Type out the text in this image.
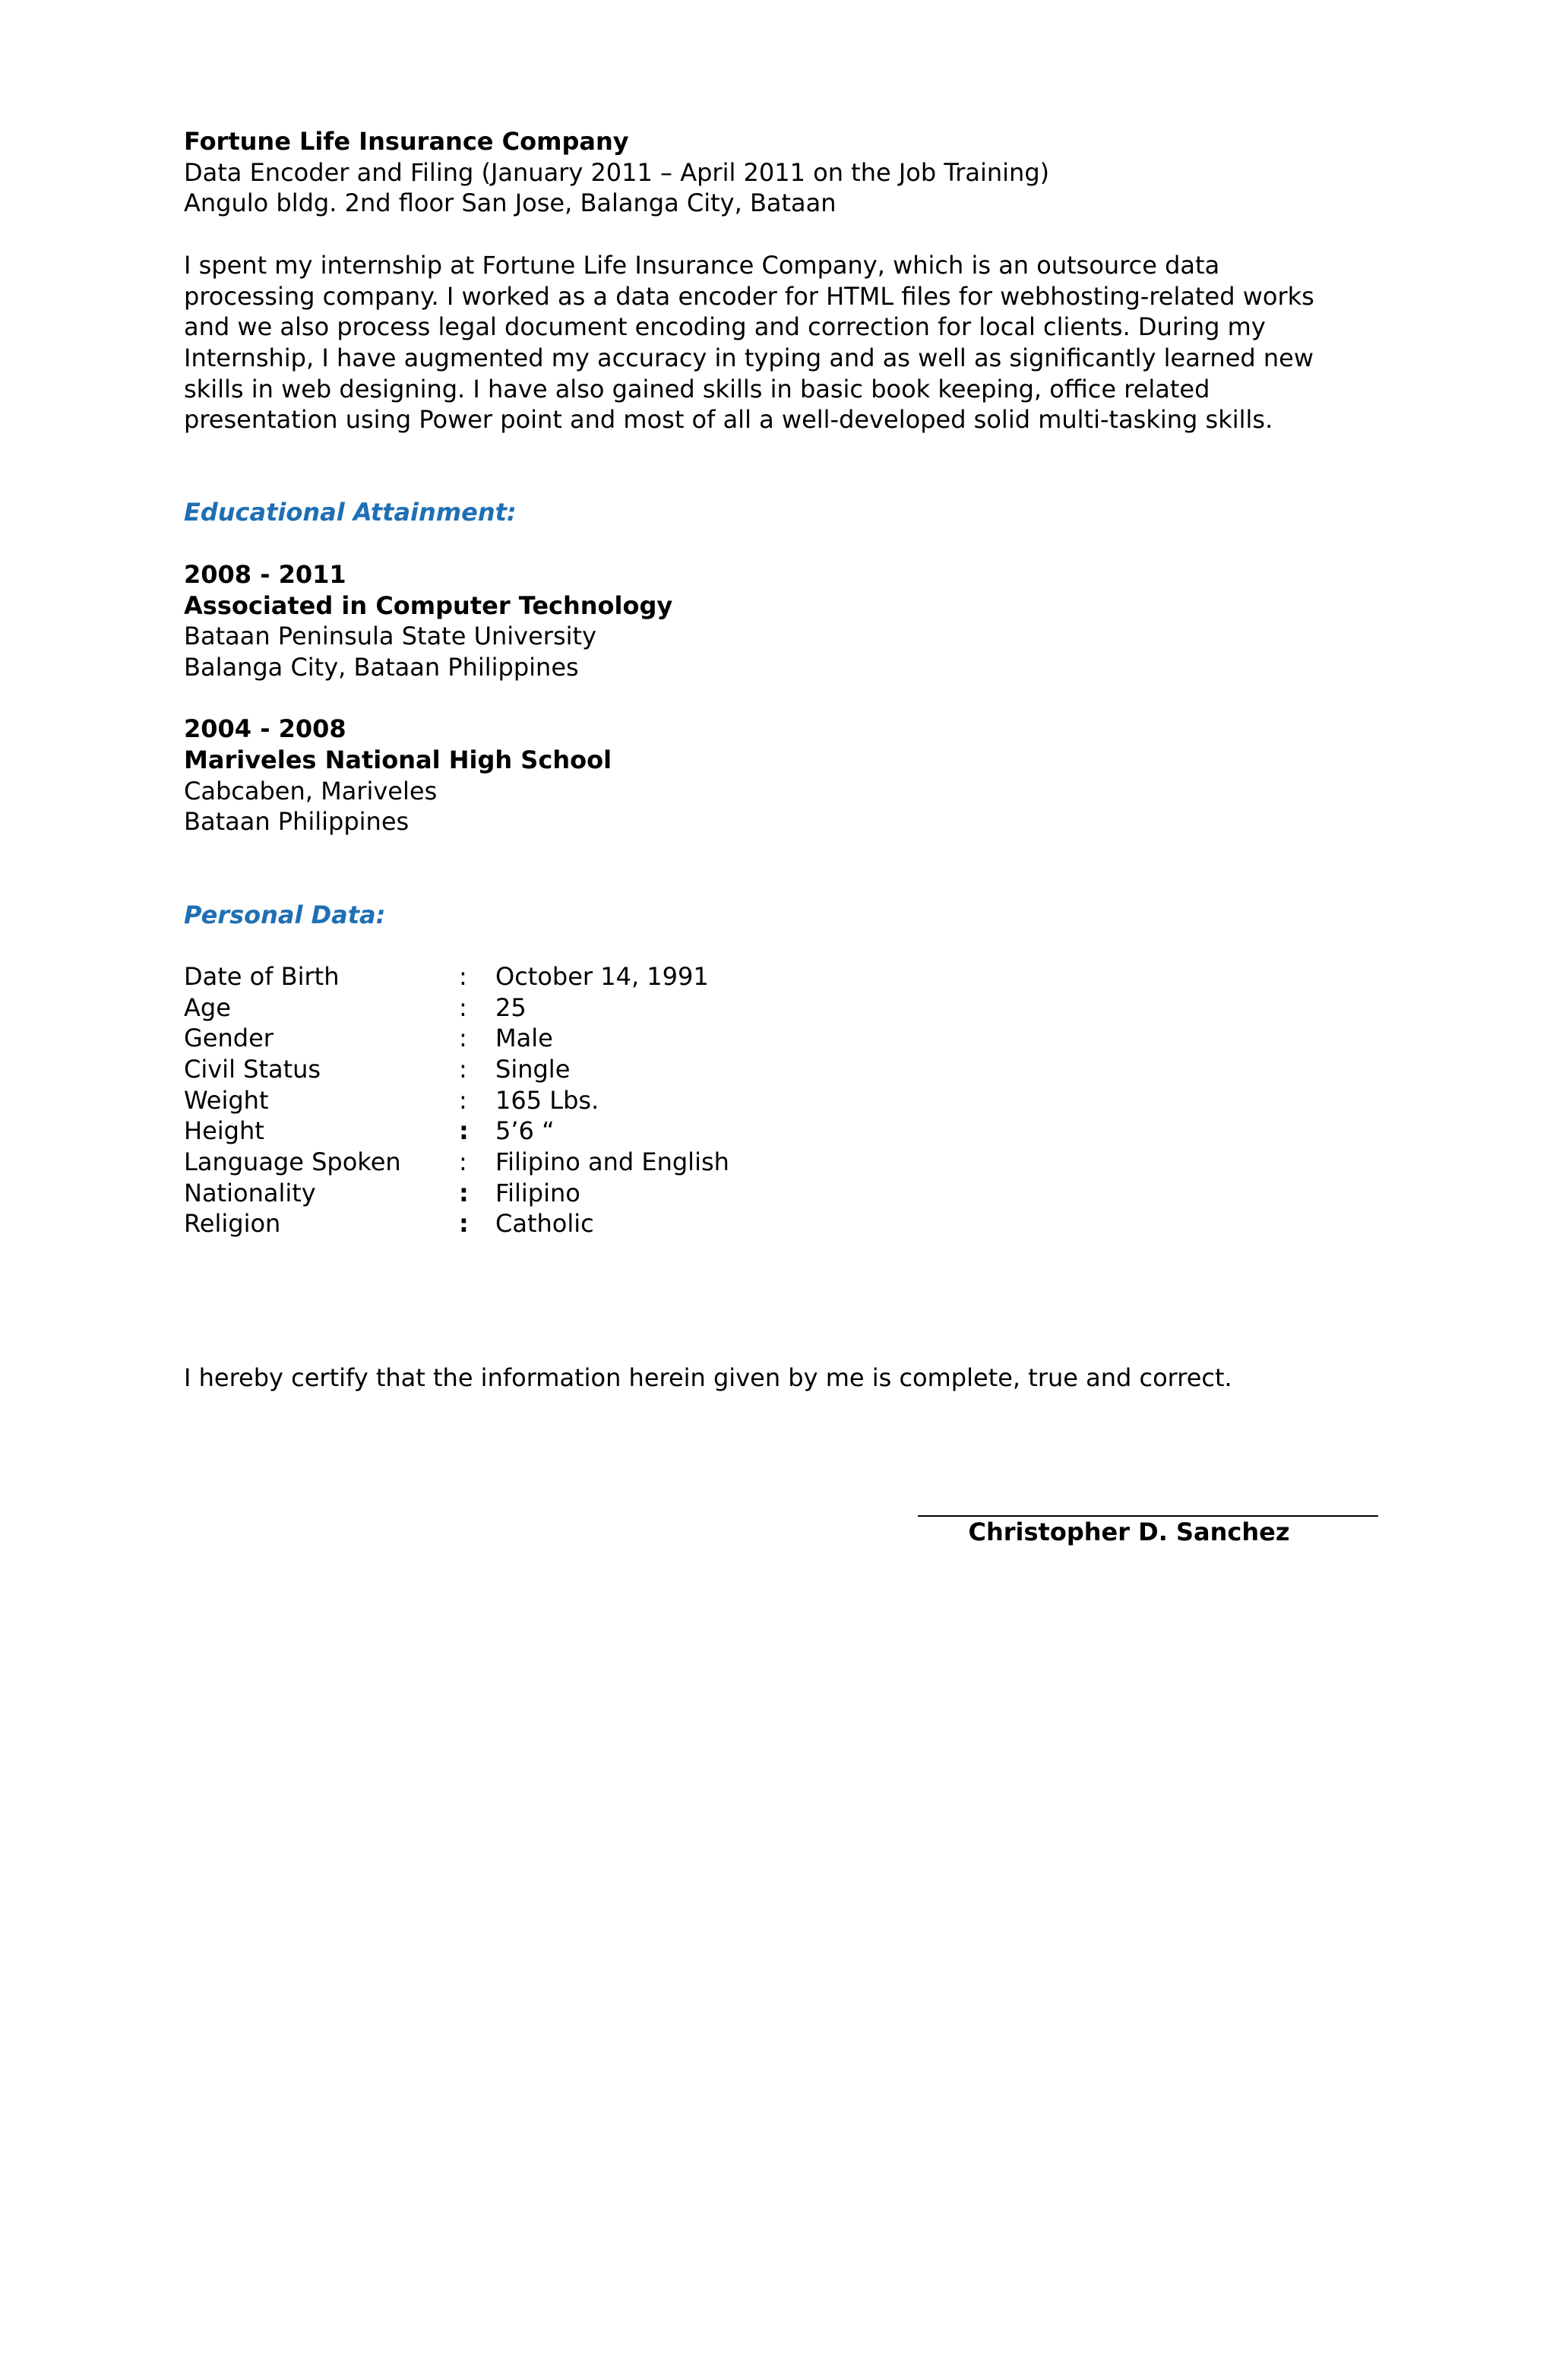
Fortune Life Insurance Company
Data Encoder and Filing (January 2011 – April 2011 on the Job Training)
Angulo bldg. 2nd floor San Jose, Balanga City, Bataan
I spent my internship at Fortune Life Insurance Company, which is an outsource data
processing company. I worked as a data encoder for HTML files for webhosting-related works
and we also process legal document encoding and correction for local clients. During my
Internship, I have augmented my accuracy in typing and as well as significantly learned new
skills in web designing. I have also gained skills in basic book keeping, office related
presentation using Power point and most of all a well-developed solid multi-tasking skills.
Educational Attainment:
2008 - 2011
Associated in Computer Technology
Bataan Peninsula State University
Balanga City, Bataan Philippines
2004 - 2008
Mariveles National High School
Cabcaben, Mariveles
Bataan Philippines
Personal Data:
Date of Birth	:	October 14, 1991
Age	:	25
Gender	:	Male
Civil Status	:	Single
Weight	:	165 Lbs.
Height	:	5’6 “
Language Spoken	:	Filipino and English
Nationality	:	Filipino
Religion	:	Catholic

I hereby certify that the information herein given by me is complete, true and correct.

Christopher D. Sanchez
